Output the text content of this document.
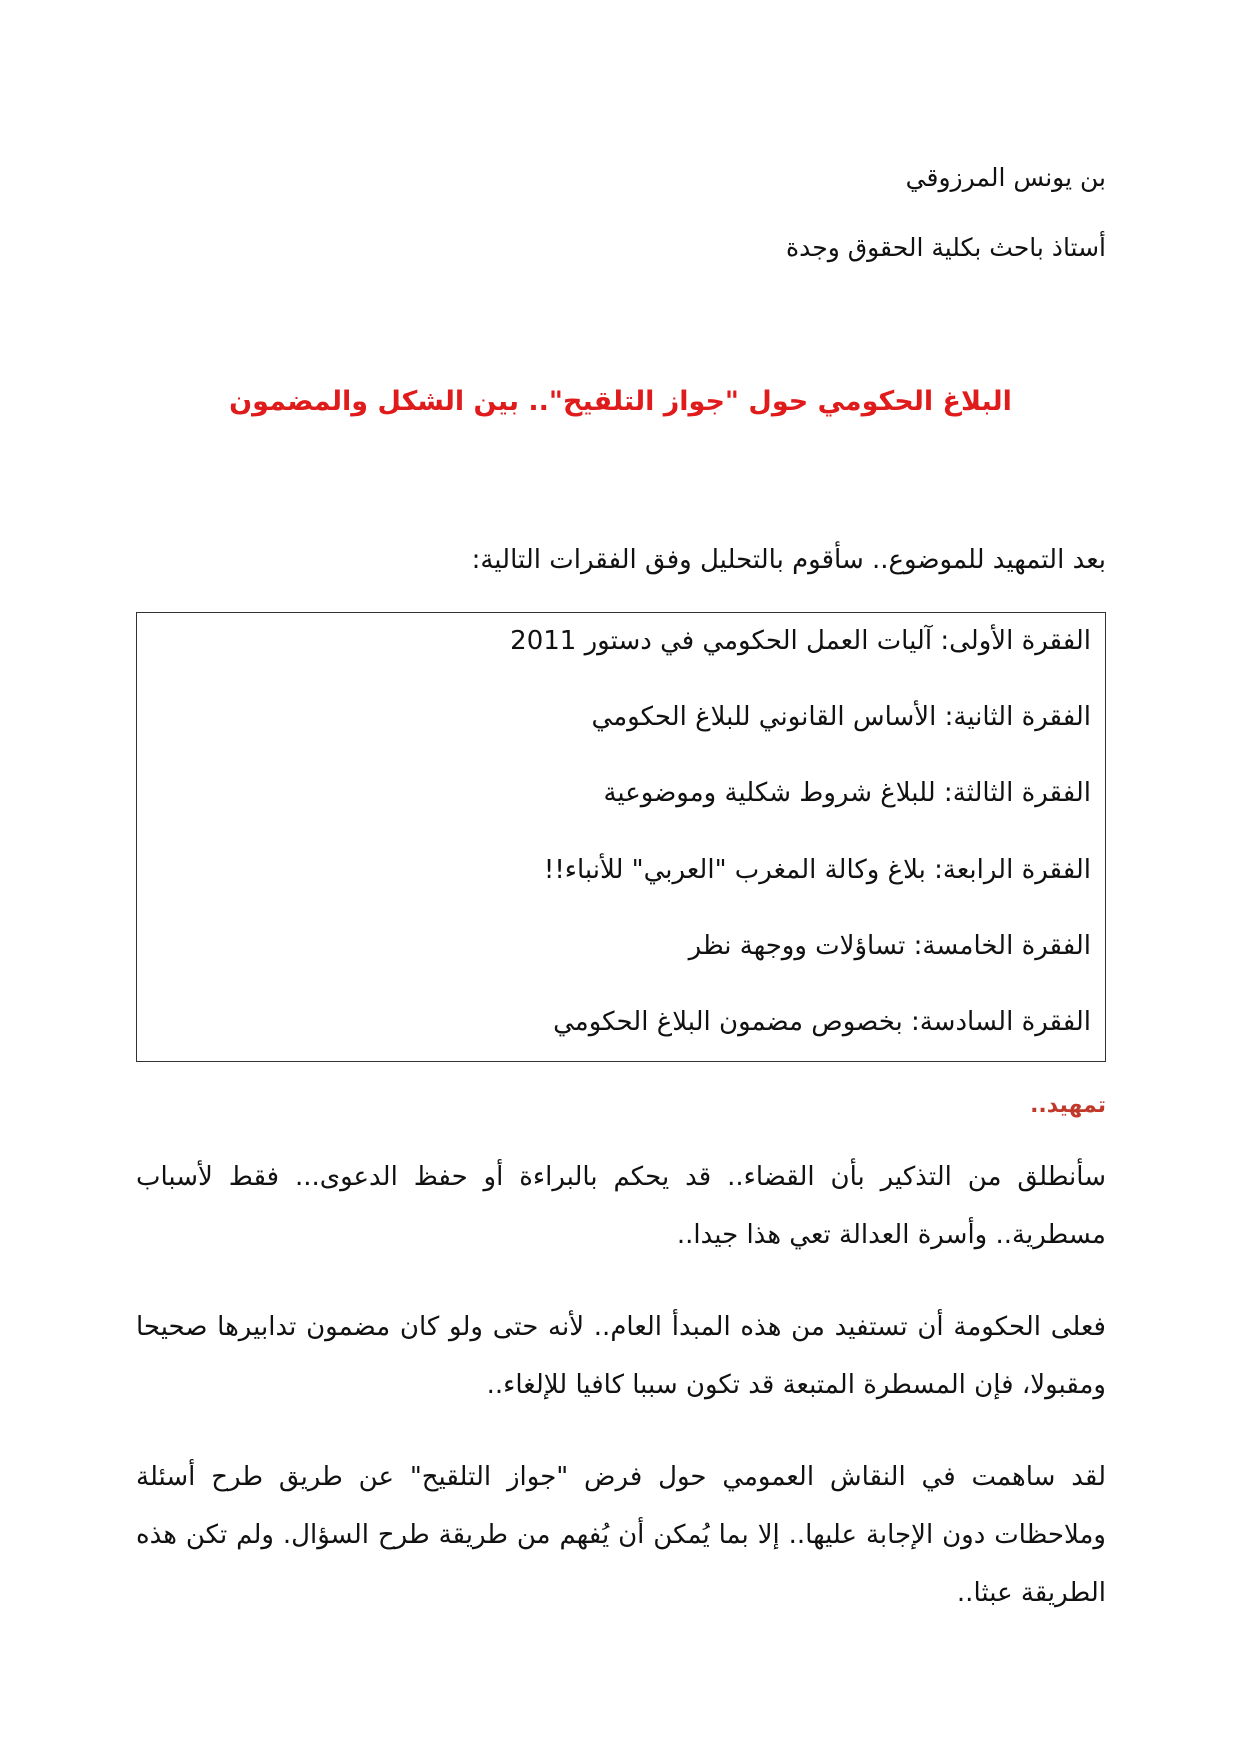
بن يونس المرزوقي
أستاذ باحث بكلية الحقوق وجدة
البلاغ الحكومي حول "جواز التلقيح".. بين الشكل والمضمون
بعد التمهيد للموضوع.. سأقوم بالتحليل وفق الفقرات التالية:
الفقرة الأولى: آليات العمل الحكومي في دستور 2011
الفقرة الثانية: الأساس القانوني للبلاغ الحكومي
الفقرة الثالثة: للبلاغ شروط شكلية وموضوعية
الفقرة الرابعة: بلاغ وكالة المغرب "العربي" للأنباء!!
الفقرة الخامسة: تساؤلات ووجهة نظر
الفقرة السادسة: بخصوص مضمون البلاغ الحكومي
تمهيد..
سأنطلق من التذكير بأن القضاء.. قد يحكم بالبراءة أو حفظ الدعوى... فقط لأسباب مسطرية.. وأسرة العدالة تعي هذا جيدا..
فعلى الحكومة أن تستفيد من هذه المبدأ العام.. لأنه حتى ولو كان مضمون تدابيرها صحيحا ومقبولا، فإن المسطرة المتبعة قد تكون سببا كافيا للإلغاء..
لقد ساهمت في النقاش العمومي حول فرض "جواز التلقيح" عن طريق طرح أسئلة وملاحظات دون الإجابة عليها.. إلا بما يُمكن أن يُفهم من طريقة طرح السؤال. ولم تكن هذه الطريقة عبثا..
